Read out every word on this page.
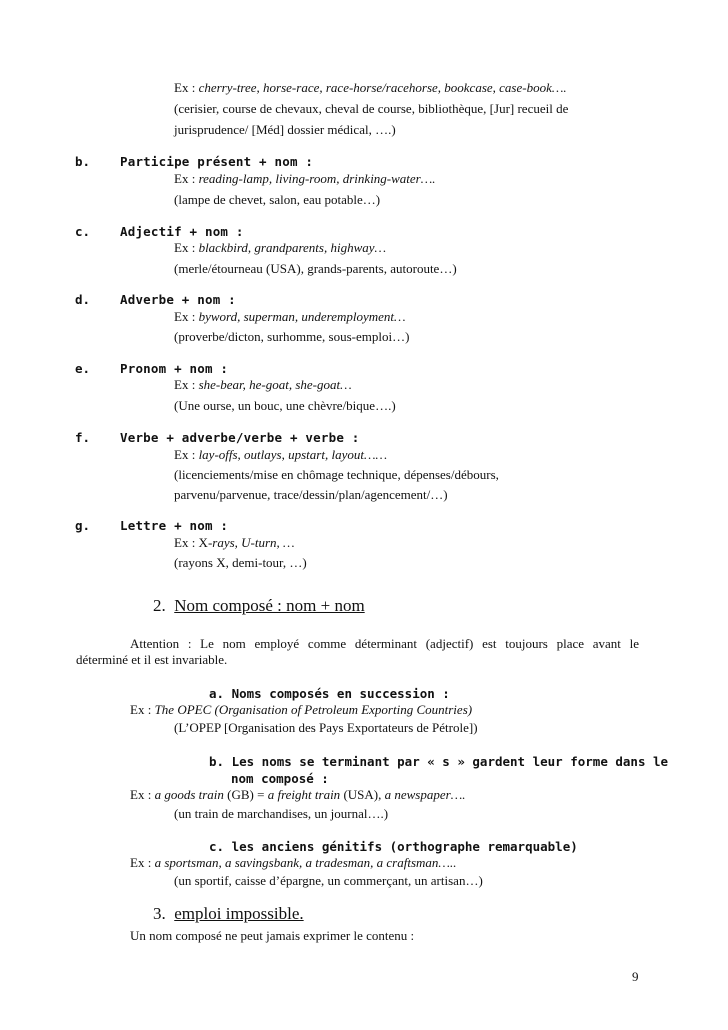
Ex : cherry-tree, horse-race, race-horse/racehorse, bookcase, case-book….
(cerisier, course de chevaux, cheval de course, bibliothèque, [Jur] recueil de
jurisprudence/ [Méd] dossier médical, ….)
b. Participe présent + nom :
Ex : reading-lamp, living-room, drinking-water….
(lampe de chevet, salon, eau potable…)
c. Adjectif + nom :
Ex : blackbird, grandparents, highway…
(merle/étourneau (USA), grands-parents, autoroute…)
d. Adverbe + nom :
Ex : byword, superman, underemployment…
(proverbe/dicton, surhomme, sous-emploi…)
e. Pronom + nom :
Ex : she-bear, he-goat, she-goat…
(Une ourse, un bouc, une chèvre/bique….)
f. Verbe + adverbe/verbe + verbe :
Ex : lay-offs, outlays, upstart, layout……
(licenciements/mise en chômage technique, dépenses/débours,
parvenu/parvenue, trace/dessin/plan/agencement/…)
g. Lettre + nom :
Ex : X-rays, U-turn, …
(rayons X, demi-tour, …)
2. Nom composé : nom + nom
Attention : Le nom employé comme déterminant (adjectif) est toujours place avant le
déterminé et il est invariable.
a. Noms composés en succession :
Ex : The OPEC (Organisation of Petroleum Exporting Countries)
(L’OPEP [Organisation des Pays Exportateurs de Pétrole])
b. Les noms se terminant par « s » gardent leur forme dans le
nom composé :
Ex : a goods train (GB) = a freight train (USA), a newspaper….
(un train de marchandises, un journal….)
c. les anciens génitifs (orthographe remarquable)
Ex : a sportsman, a savingsbank, a tradesman, a craftsman…..
(un sportif, caisse d’épargne, un commerçant, un artisan…)
3. emploi impossible.
Un nom composé ne peut jamais exprimer le contenu :
9
